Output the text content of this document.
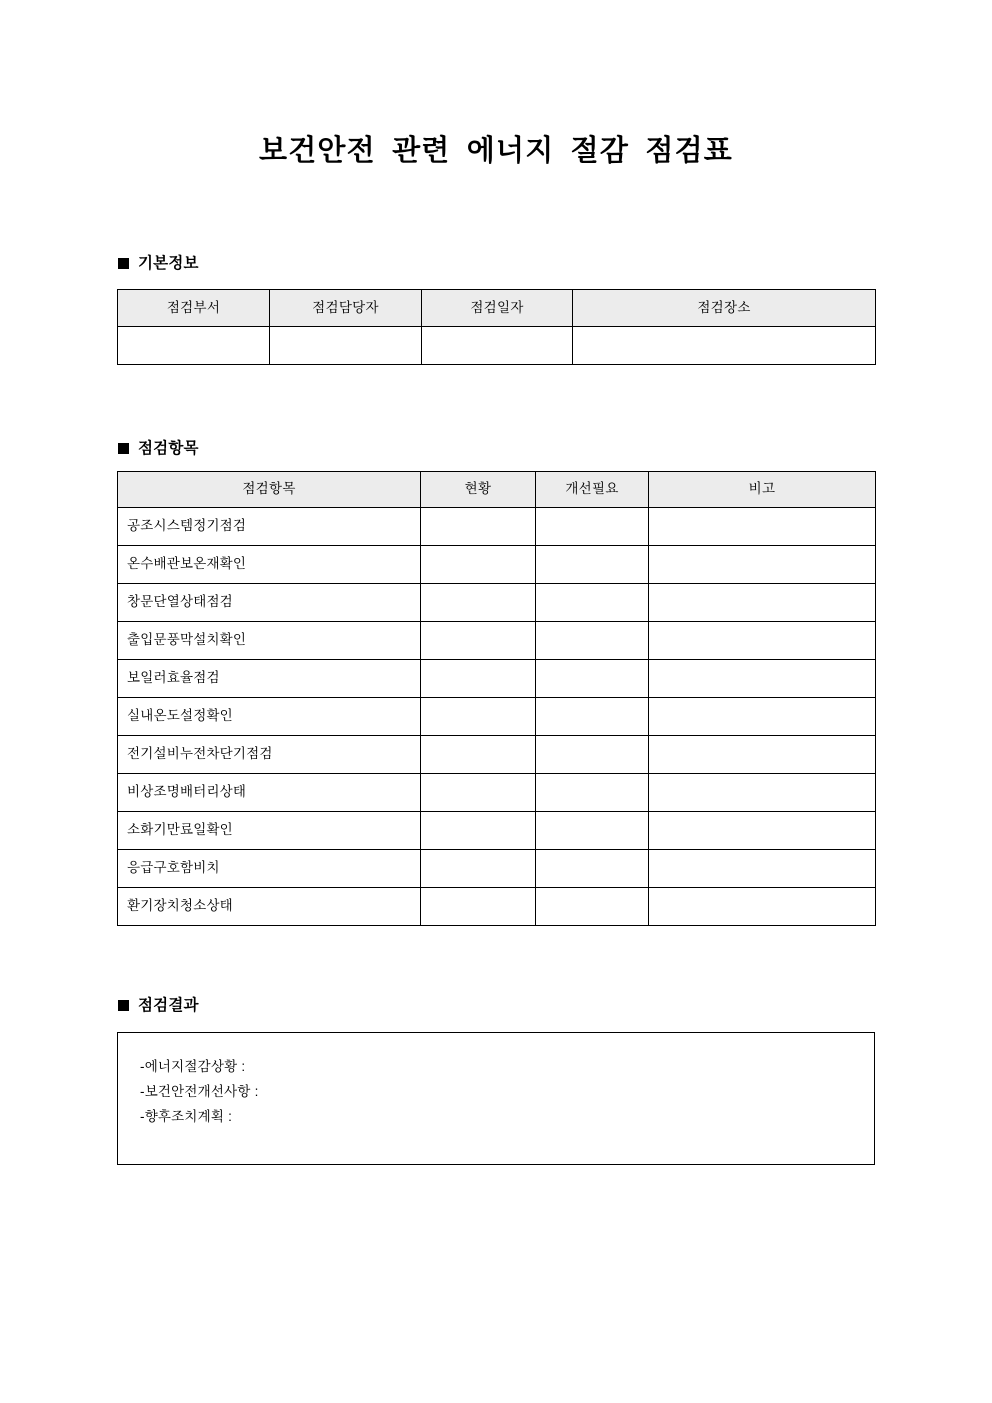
보건안전 관련 에너지 절감 점검표
기본정보
점검부서	점검담당자	점검일자	점검장소

점검항목
점검항목	현황	개선필요	비고
공조시스템정기점검			
온수배관보온재확인			
창문단열상태점검			
출입문풍막설치확인			
보일러효율점검			
실내온도설정확인			
전기설비누전차단기점검			
비상조명배터리상태			
소화기만료일확인			
응급구호함비치			
환기장치청소상태			
점검결과
-에너지절감상황 :
-보건안전개선사항 :
-향후조치계획 :
